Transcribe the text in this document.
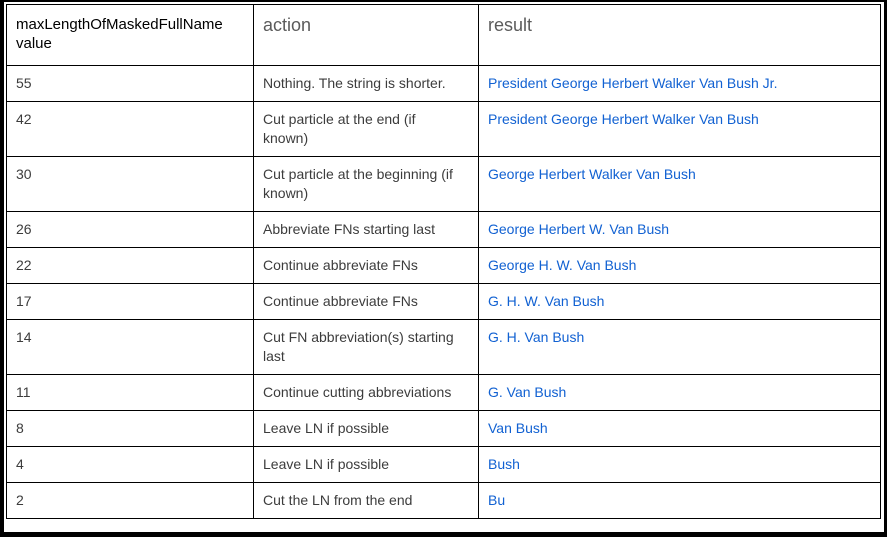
maxLengthOfMaskedFullName value	action	result

55	Nothing. The string is shorter.	President George Herbert Walker Van Bush Jr.

42	Cut particle at the end (if known)	President George Herbert Walker Van Bush

30	Cut particle at the beginning (if known)	George Herbert Walker Van Bush

26	Abbreviate FNs starting last	George Herbert W. Van Bush

22	Continue abbreviate FNs	George H. W. Van Bush

17	Continue abbreviate FNs	G. H. W. Van Bush

14	Cut FN abbreviation(s) starting last	G. H. Van Bush

11	Continue cutting abbreviations	G. Van Bush

8	Leave LN if possible	Van Bush

4	Leave LN if possible	Bush

2	Cut the LN from the end	Bu
